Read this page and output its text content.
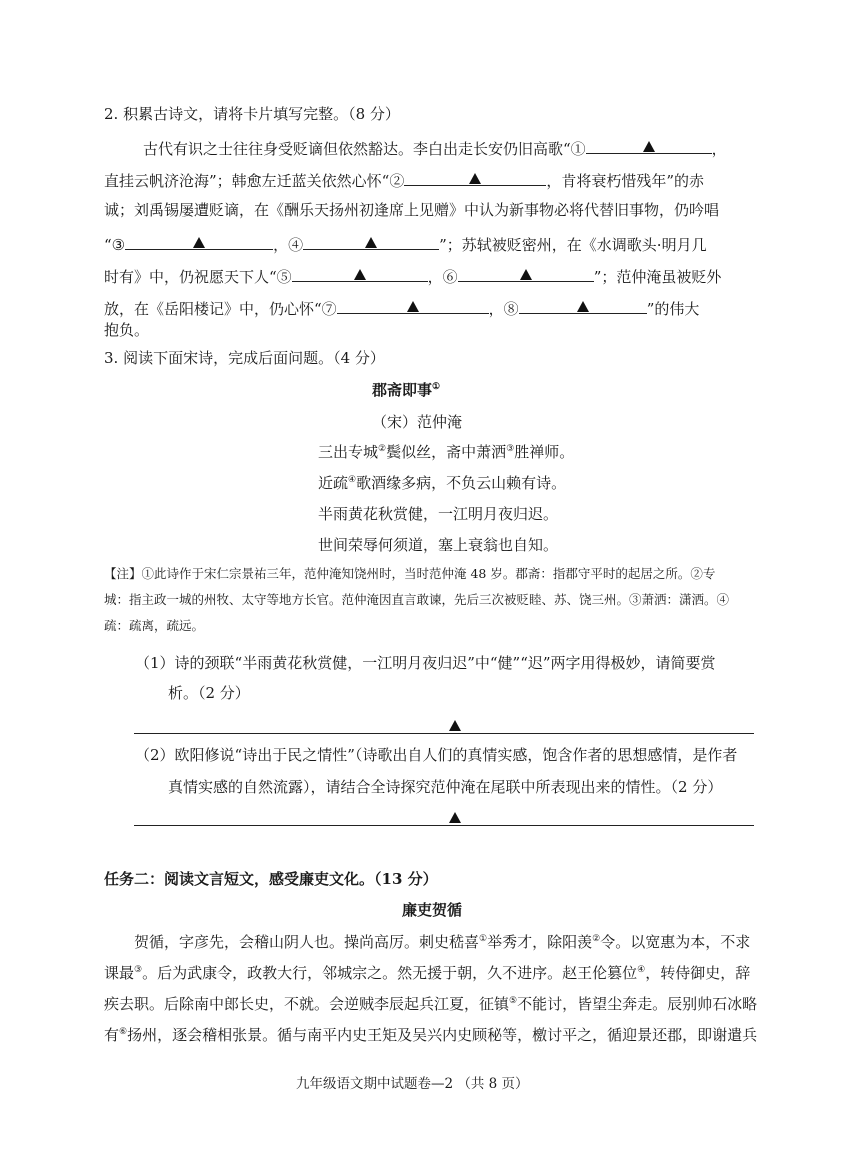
2. 积累古诗文，请将卡片填写完整。（8 分）
古代有识之士往往身受贬谪但依然豁达。李白出走长安仍旧高歌“①	，
直挂云帆济沧海”；韩愈左迁蓝关依然心怀“②	，肯将衰朽惜残年”的赤
诚；刘禹锡屡遭贬谪，在《酬乐天扬州初逢席上见赠》中认为新事物必将代替旧事物，仍吟唱
“③	，④	”；苏轼被贬密州，在《水调歌头·明月几
时有》中，仍祝愿天下人“⑤	，⑥	”；范仲淹虽被贬外
放，在《岳阳楼记》中，仍心怀“⑦	，⑧	”的伟大
抱负。
3. 阅读下面宋诗，完成后面问题。（4 分）
郡斋即事①
（宋）范仲淹
三出专城②鬓似丝，斋中萧洒③胜禅师。
近疏④歌酒缘多病，不负云山赖有诗。
半雨黄花秋赏健，一江明月夜归迟。
世间荣辱何须道，塞上衰翁也自知。
【注】①此诗作于宋仁宗景祐三年，范仲淹知饶州时，当时范仲淹 48 岁。郡斋：指郡守平时的起居之所。②专
城：指主政一城的州牧、太守等地方长官。范仲淹因直言敢谏，先后三次被贬睦、苏、饶三州。③萧洒：潇洒。④
疏：疏离，疏远。
（1）诗的颈联“半雨黄花秋赏健，一江明月夜归迟”中“健”“迟”两字用得极妙，请简要赏
析。（2 分）
（2）欧阳修说“诗出于民之情性”（诗歌出自人们的真情实感，饱含作者的思想感情，是作者
真情实感的自然流露），请结合全诗探究范仲淹在尾联中所表现出来的情性。（2 分）
任务二：阅读文言短文，感受廉吏文化。（13 分）
廉吏贺循
贺循，字彦先，会稽山阴人也。操尚高厉。刺史嵇喜①举秀才，除阳羡②令。以宽惠为本，不求
课最③。后为武康令，政教大行，邻城宗之。然无援于朝，久不进序。赵王伦篡位④，转侍御史，辞
疾去职。后除南中郎长史，不就。会逆贼李辰起兵江夏，征镇⑤不能讨，皆望尘奔走。辰别帅石冰略
有⑥扬州，逐会稽相张景。循与南平内史王矩及吴兴内史顾秘等，檄讨平之，循迎景还郡，即谢遣兵
九年级语文期中试题卷—2 （共 8 页）
